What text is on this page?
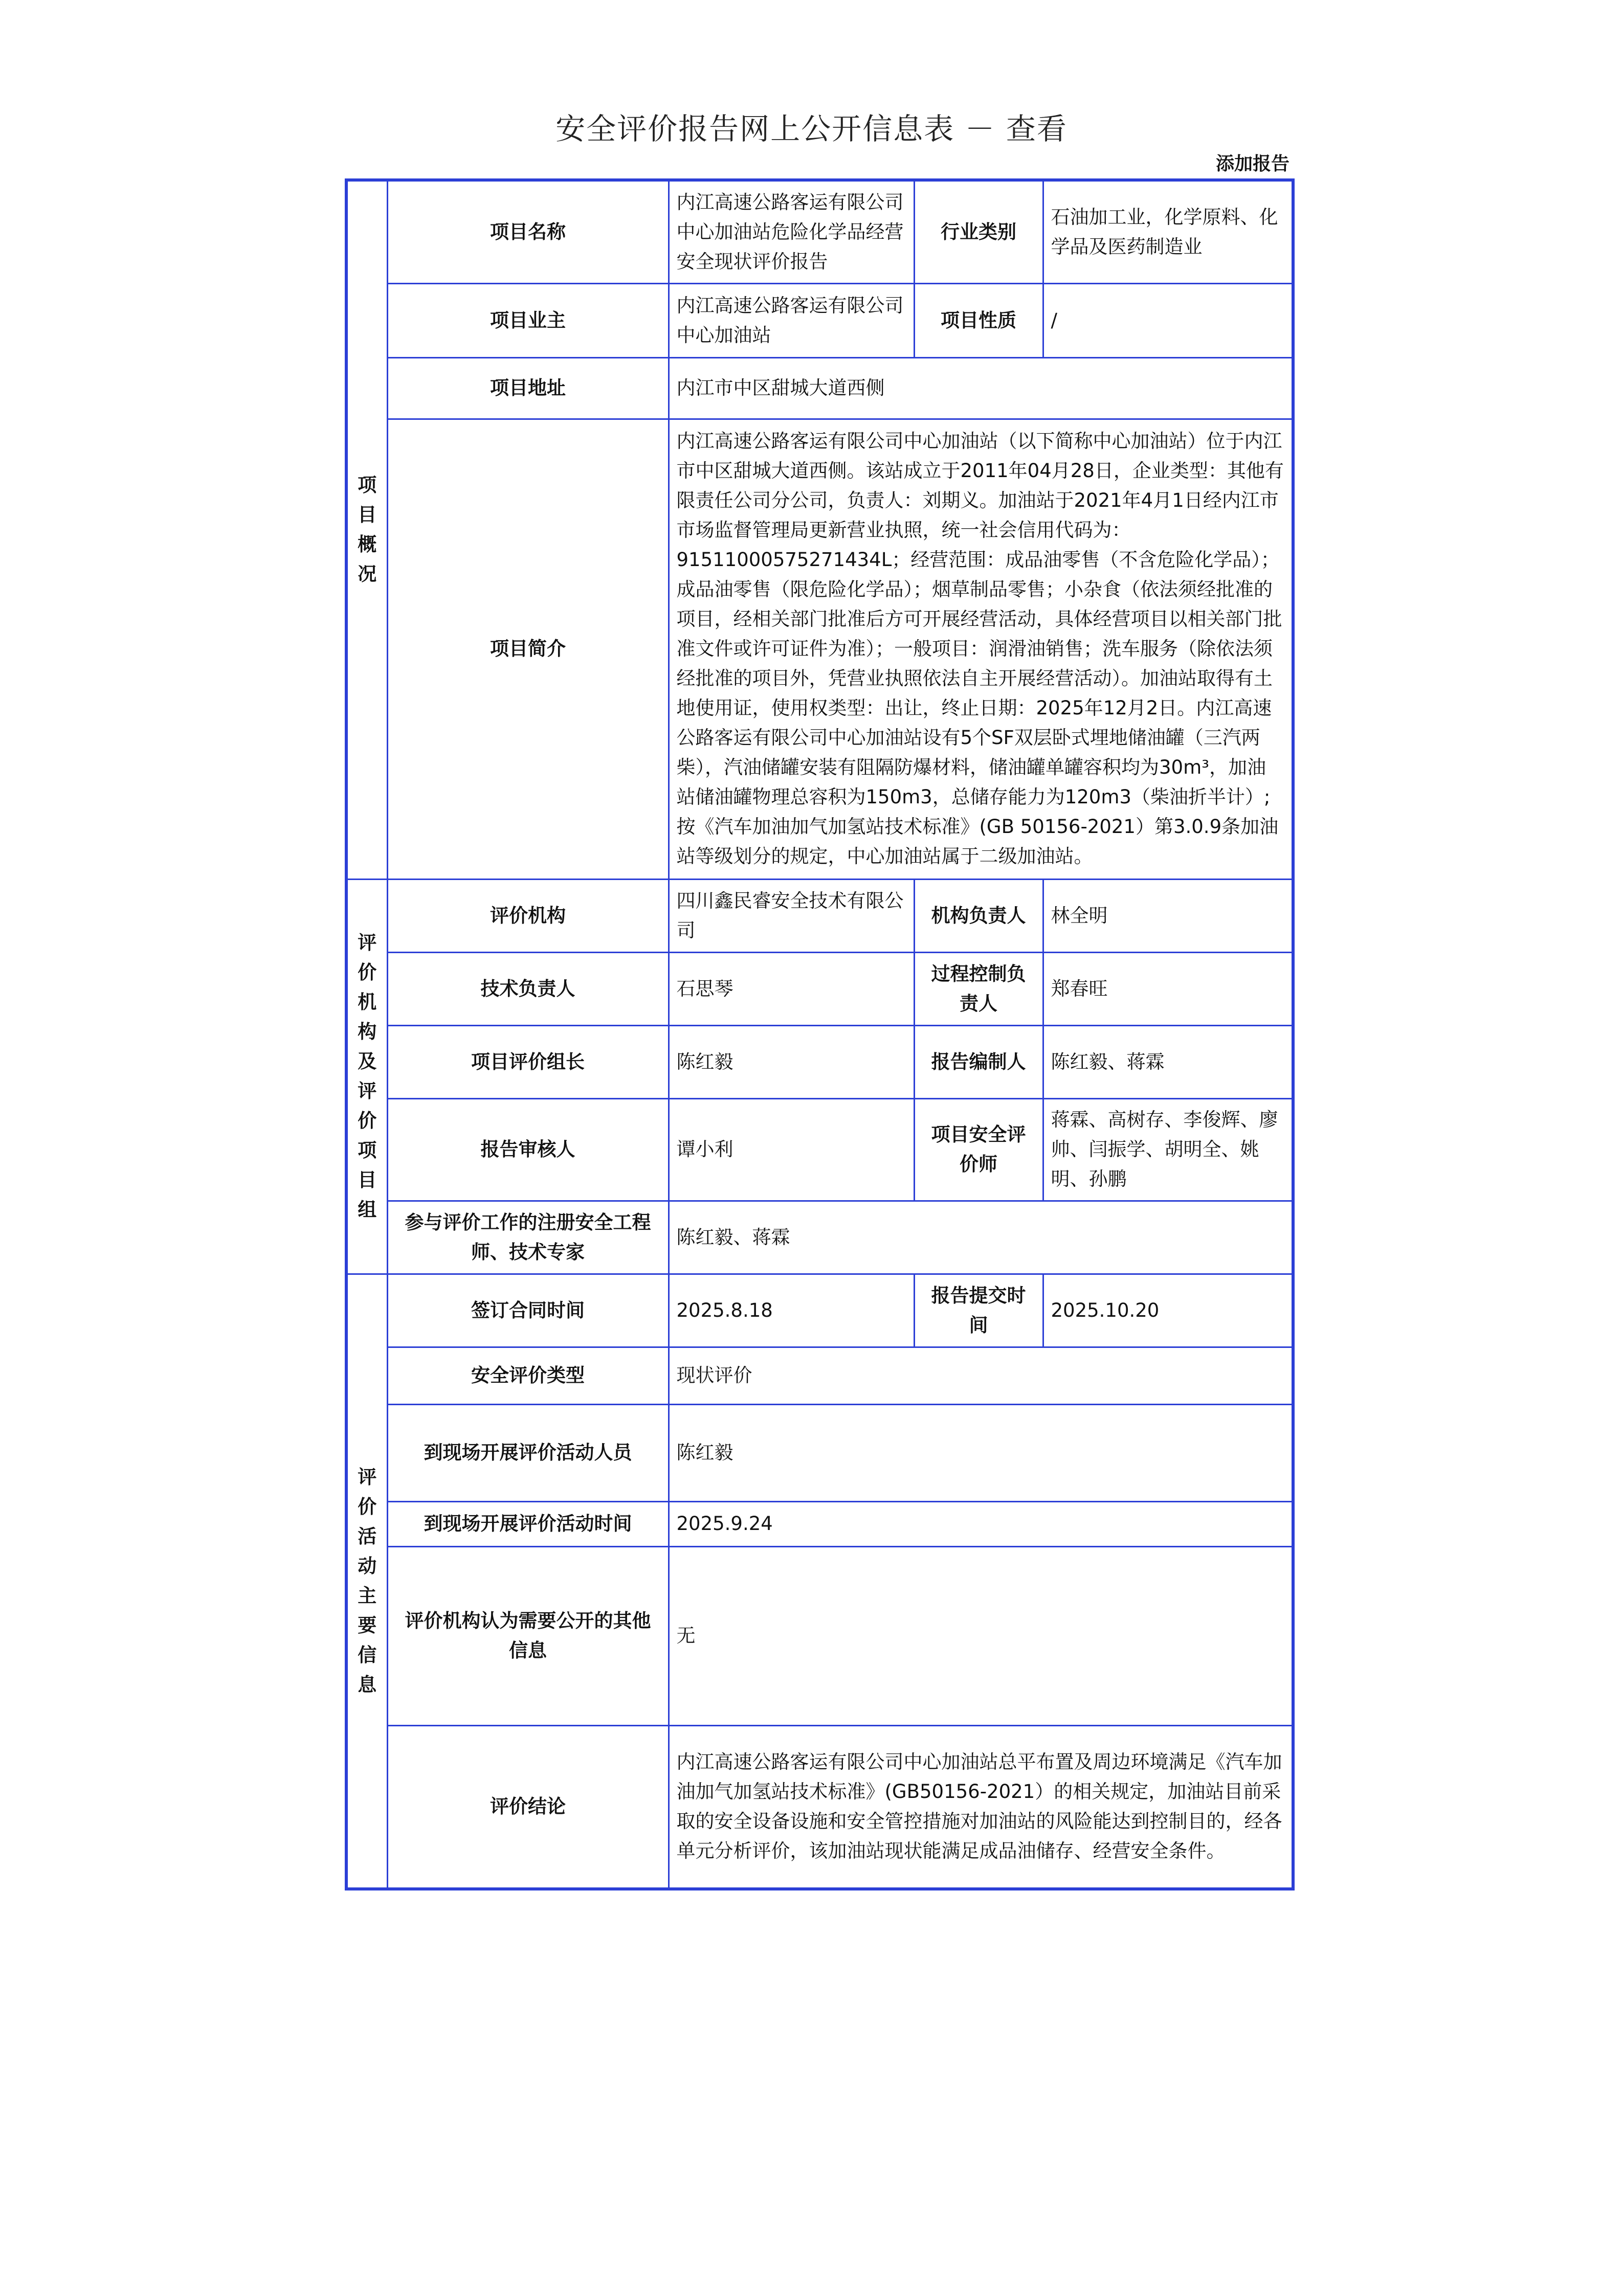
安全评价报告网上公开信息表 － 查看
添加报告
项目概况	项目名称	内江高速公路客运有限公司中心加油站危险化学品经营安全现状评价报告	行业类别	石油加工业，化学原料、化学品及医药制造业
	项目业主	内江高速公路客运有限公司中心加油站	项目性质	/
	项目地址	内江市中区甜城大道西侧		
	项目简介	内江高速公路客运有限公司中心加油站（以下简称中心加油站）位于内江市中区甜城大道西侧。该站成立于2011年04月28日，企业类型：其他有限责任公司分公司，负责人：刘期义。加油站于2021年4月1日经内江市市场监督管理局更新营业执照，统一社会信用代码为：91511000575271434L；经营范围：成品油零售（不含危险化学品）；成品油零售（限危险化学品）；烟草制品零售；小杂食（依法须经批准的项目，经相关部门批准后方可开展经营活动，具体经营项目以相关部门批准文件或许可证件为准）；一般项目：润滑油销售；洗车服务（除依法须经批准的项目外，凭营业执照依法自主开展经营活动）。加油站取得有土地使用证，使用权类型：出让，终止日期：2025年12月2日。内江高速公路客运有限公司中心加油站设有5个SF双层卧式埋地储油罐（三汽两柴），汽油储罐安装有阻隔防爆材料，储油罐单罐容积均为30m³，加油站储油罐物理总容积为150m3，总储存能力为120m3（柴油折半计）;按《汽车加油加气加氢站技术标准》(GB 50156-2021）第3.0.9条加油站等级划分的规定，中心加油站属于二级加油站。		
评价机构及评价项目组	评价机构	四川鑫民睿安全技术有限公司	机构负责人	林全明
	技术负责人	石思琴	过程控制负责人	郑春旺
	项目评价组长	陈红毅	报告编制人	陈红毅、蒋霖
	报告审核人	谭小利	项目安全评价师	蒋霖、高树存、李俊辉、廖帅、闫振学、胡明全、姚明、孙鹏
	参与评价工作的注册安全工程师、技术专家	陈红毅、蒋霖		
评价活动主要信息	签订合同时间	2025.8.18	报告提交时间	2025.10.20
	安全评价类型	现状评价		
	到现场开展评价活动人员	陈红毅		
	到现场开展评价活动时间	2025.9.24		
	评价机构认为需要公开的其他信息	无		
	评价结论	内江高速公路客运有限公司中心加油站总平布置及周边环境满足《汽车加油加气加氢站技术标准》(GB50156-2021）的相关规定，加油站目前采取的安全设备设施和安全管控措施对加油站的风险能达到控制目的，经各单元分析评价，该加油站现状能满足成品油储存、经营安全条件。		
